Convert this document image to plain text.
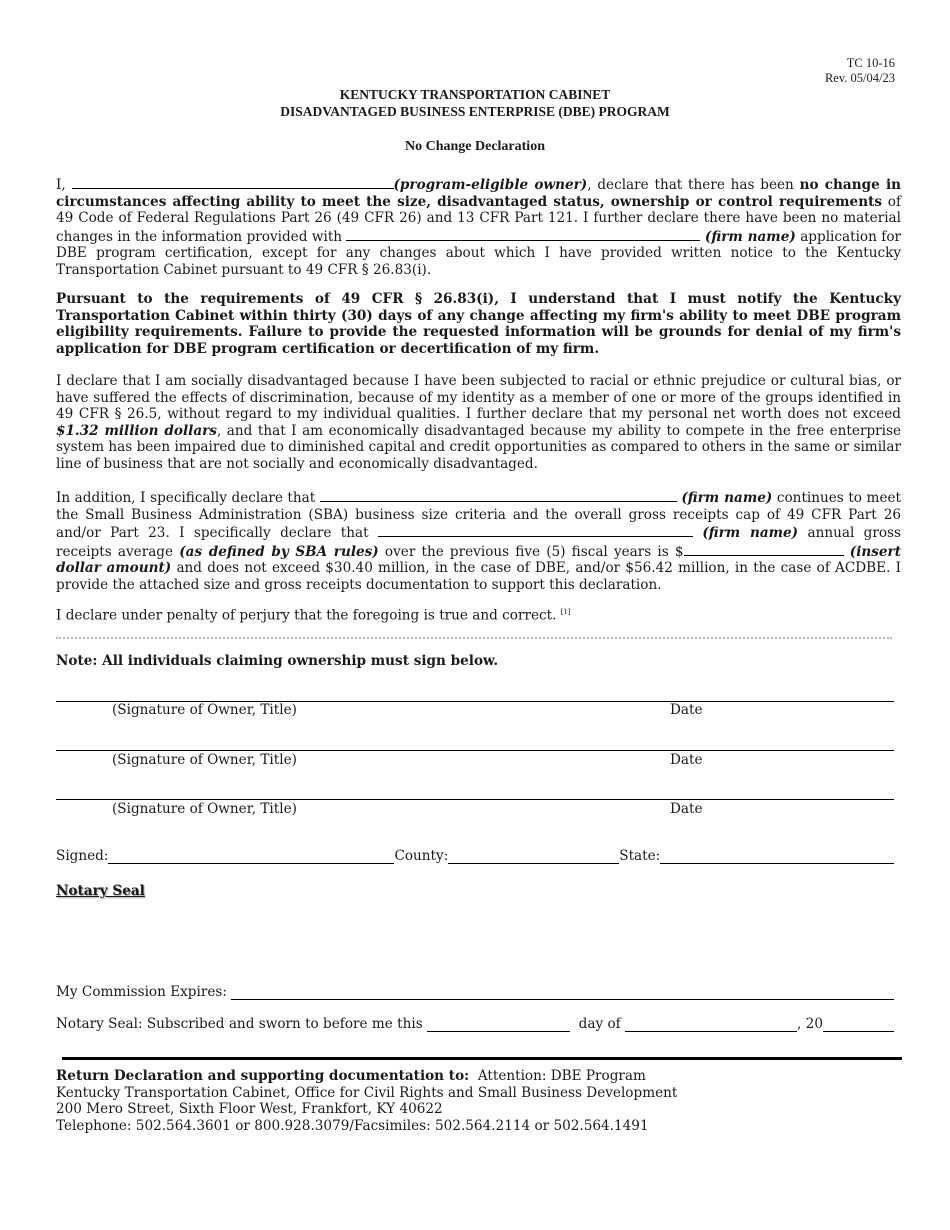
TC 10-16
Rev. 05/04/23
KENTUCKY TRANSPORTATION CABINET
DISADVANTAGED BUSINESS ENTERPRISE (DBE) PROGRAM
No Change Declaration
I,	(program-eligible owner), declare that there has been no change in circumstances affecting ability to meet the size, disadvantaged status, ownership or control requirements of 49 Code of Federal Regulations Part 26 (49 CFR 26) and 13 CFR Part 121. I further declare there have been no material changes in the information provided with	(firm name) application for DBE program certification, except for any changes about which I have provided written notice to the Kentucky Transportation Cabinet pursuant to 49 CFR § 26.83(i).
Pursuant to the requirements of 49 CFR § 26.83(i), I understand that I must notify the Kentucky Transportation Cabinet within thirty (30) days of any change affecting my firm's ability to meet DBE program eligibility requirements. Failure to provide the requested information will be grounds for denial of my firm's application for DBE program certification or decertification of my firm.
I declare that I am socially disadvantaged because I have been subjected to racial or ethnic prejudice or cultural bias, or have suffered the effects of discrimination, because of my identity as a member of one or more of the groups identified in 49 CFR § 26.5, without regard to my individual qualities. I further declare that my personal net worth does not exceed $1.32 million dollars, and that I am economically disadvantaged because my ability to compete in the free enterprise system has been impaired due to diminished capital and credit opportunities as compared to others in the same or similar line of business that are not socially and economically disadvantaged.
In addition, I specifically declare that	(firm name) continues to meet the Small Business Administration (SBA) business size criteria and the overall gross receipts cap of 49 CFR Part 26 and/or Part 23. I specifically declare that	(firm name) annual gross receipts average (as defined by SBA rules) over the previous five (5) fiscal years is $	(insert dollar amount) and does not exceed $30.40 million, in the case of DBE, and/or $56.42 million, in the case of ACDBE. I provide the attached size and gross receipts documentation to support this declaration.
I declare under penalty of perjury that the foregoing is true and correct. [1]
Note: All individuals claiming ownership must sign below.
(Signature of Owner, Title)	Date
(Signature of Owner, Title)	Date
(Signature of Owner, Title)	Date
Signed:	County:	State:
Notary Seal
My Commission Expires:

Notary Seal: Subscribed and sworn to before me this

	day of
	, 20
Return Declaration and supporting documentation to:  Attention: DBE Program
Kentucky Transportation Cabinet, Office for Civil Rights and Small Business Development
200 Mero Street, Sixth Floor West, Frankfort, KY 40622
Telephone: 502.564.3601 or 800.928.3079/Facsimiles: 502.564.2114 or 502.564.1491
